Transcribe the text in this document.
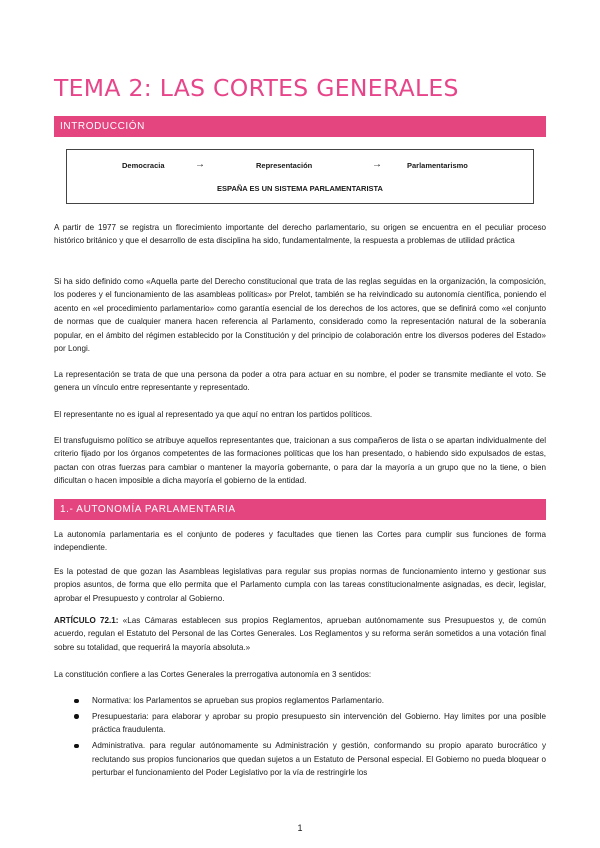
TEMA 2: LAS CORTES GENERALES
INTRODUCCIÓN
Democracia	→	Representación	→	Parlamentarismo
ESPAÑA ES UN SISTEMA PARLAMENTARISTA

A partir de 1977 se registra un florecimiento importante del derecho parlamentario, su origen se encuentra en el peculiar proceso histórico británico y que el desarrollo de esta disciplina ha sido, fundamentalmente, la respuesta a problemas de utilidad práctica

Si ha sido definido como «Aquella parte del Derecho constitucional que trata de las reglas seguidas en la organización, la composición, los poderes y el funcionamiento de las asambleas políticas» por Prelot, también se ha reivindicado su autonomía científica, poniendo el acento en «el procedimiento parlamentario» como garantía esencial de los derechos de los actores, que se definirá como «el conjunto de normas que de cualquier manera hacen referencia al Parlamento, considerado como la representación natural de la soberanía popular, en el ámbito del régimen establecido por la Constitución y del principio de colaboración entre los diversos poderes del Estado» por Longi.

La representación se trata de que una persona da poder a otra para actuar en su nombre, el poder se transmite mediante el voto. Se genera un vínculo entre representante y representado.

El representante no es igual al representado ya que aquí no entran los partidos políticos.

El transfuguismo político se atribuye aquellos representantes que, traicionan a sus compañeros de lista o se apartan individualmente del criterio fijado por los órganos competentes de las formaciones políticas que los han presentado, o habiendo sido expulsados de estas, pactan con otras fuerzas para cambiar o mantener la mayoría gobernante, o para dar la mayoría a un grupo que no la tiene, o bien dificultan o hacen imposible a dicha mayoría el gobierno de la entidad.

1.- AUTONOMÍA PARLAMENTARIA

La autonomía parlamentaria es el conjunto de poderes y facultades que tienen las Cortes para cumplir sus funciones de forma independiente.

Es la potestad de que gozan las Asambleas legislativas para regular sus propias normas de funcionamiento interno y gestionar sus propios asuntos, de forma que ello permita que el Parlamento cumpla con las tareas constitucionalmente asignadas, es decir, legislar, aprobar el Presupuesto y controlar al Gobierno.

ARTÍCULO 72.1: «Las Cámaras establecen sus propios Reglamentos, aprueban autónomamente sus Presupuestos y, de común acuerdo, regulan el Estatuto del Personal de las Cortes Generales. Los Reglamentos y su reforma serán sometidos a una votación final sobre su totalidad, que requerirá la mayoría absoluta.»

La constitución confiere a las Cortes Generales la prerrogativa autonomía en 3 sentidos:

Normativa: los Parlamentos se aprueban sus propios reglamentos Parlamentario.
Presupuestaria: para elaborar y aprobar su propio presupuesto sin intervención del Gobierno. Hay limites por una posible práctica fraudulenta.
Administrativa. para regular autónomamente su Administración y gestión, conformando su propio aparato burocrático y reclutando sus propios funcionarios que quedan sujetos a un Estatuto de Personal especial. El Gobierno no pueda bloquear o perturbar el funcionamiento del Poder Legislativo por la vía de restringirle los
1
